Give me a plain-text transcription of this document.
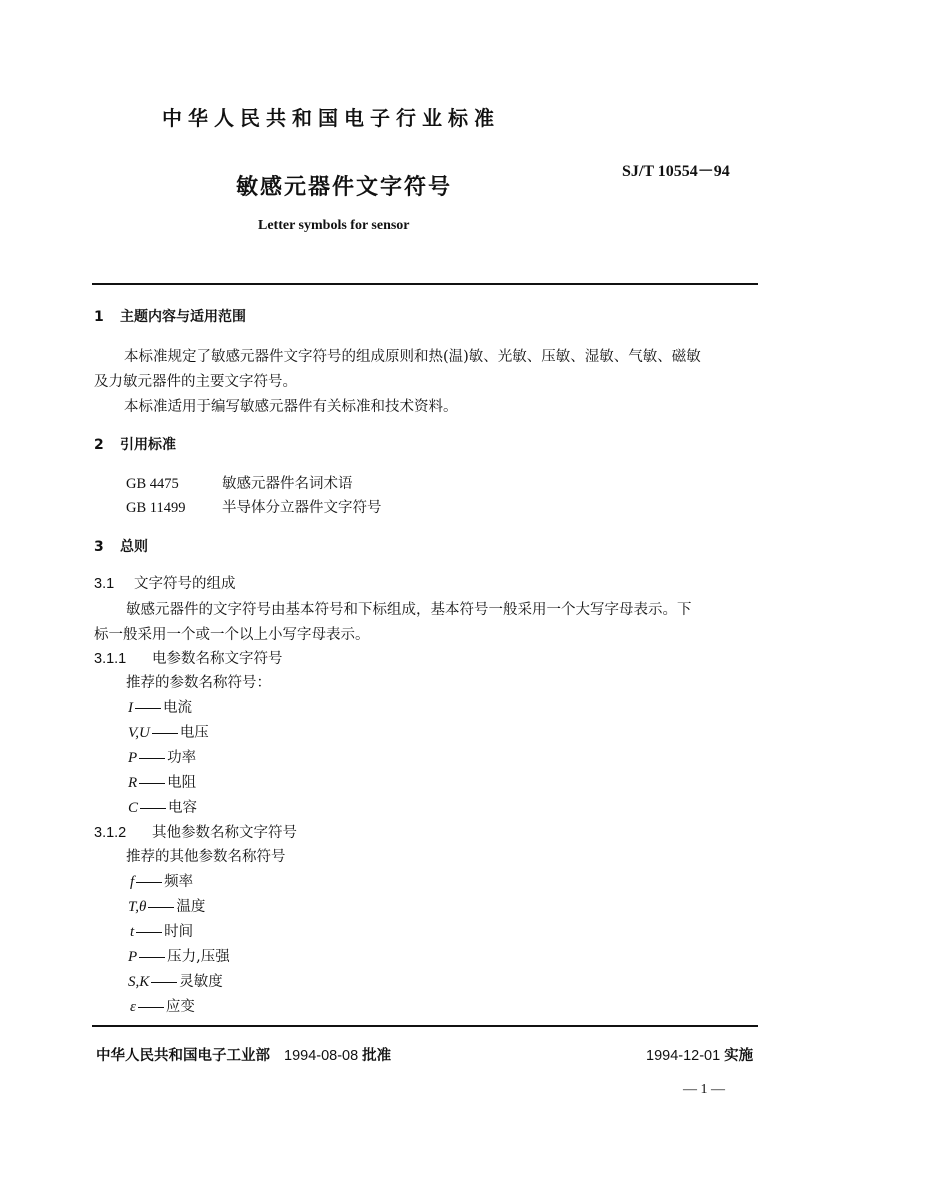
中华人民共和国电子行业标准
SJ/T 10554－94
敏感元器件文字符号
Letter symbols for sensor
1 主题内容与适用范围
本标准规定了敏感元器件文字符号的组成原则和热(温)敏、光敏、压敏、湿敏、气敏、磁敏
及力敏元器件的主要文字符号。
本标准适用于编写敏感元器件有关标准和技术资料。
2 引用标准
GB 4475	敏感元器件名词术语
GB 11499	半导体分立器件文字符号
3 总则
3.1 文字符号的组成
敏感元器件的文字符号由基本符号和下标组成，基本符号一般采用一个大写字母表示。下
标一般采用一个或一个以上小写字母表示。
3.1.1 电参数名称文字符号
推荐的参数名称符号：
I 电流
V,U 电压
P 功率
R 电阻
C 电容
3.1.2 其他参数名称文字符号
推荐的其他参数名称符号
f 频率
T,θ 温度
t 时间
P 压力,压强
S,K 灵敏度
ε 应变
中华人民共和国电子工业部 1994-08-08 批准	1994-12-01 实施
— 1 —
